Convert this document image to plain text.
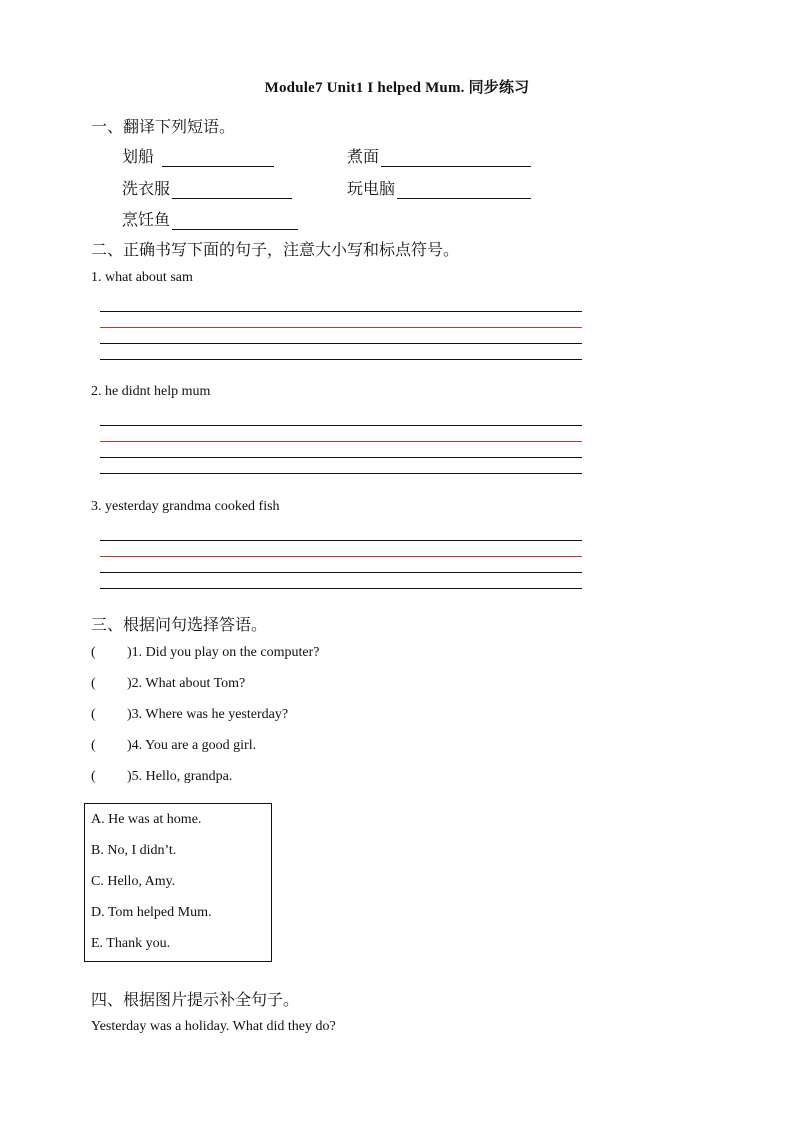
Module7 Unit1 I helped Mum. 同步练习
一、翻译下列短语。
划船	煮面
洗衣服	玩电脑
烹饪鱼
二、正确书写下面的句子，注意大小写和标点符号。
1. what about sam
2. he didnt help mum
3. yesterday grandma cooked fish
三、根据问句选择答语。
(	)1. Did you play on the computer?
(	)2. What about Tom?
(	)3. Where was he yesterday?
(	)4. You are a good girl.
(	)5. Hello, grandpa.
A. He was at home.
B. No, I didn’t.
C. Hello, Amy.
D. Tom helped Mum.
E. Thank you.
四、根据图片提示补全句子。
Yesterday was a holiday. What did they do?
